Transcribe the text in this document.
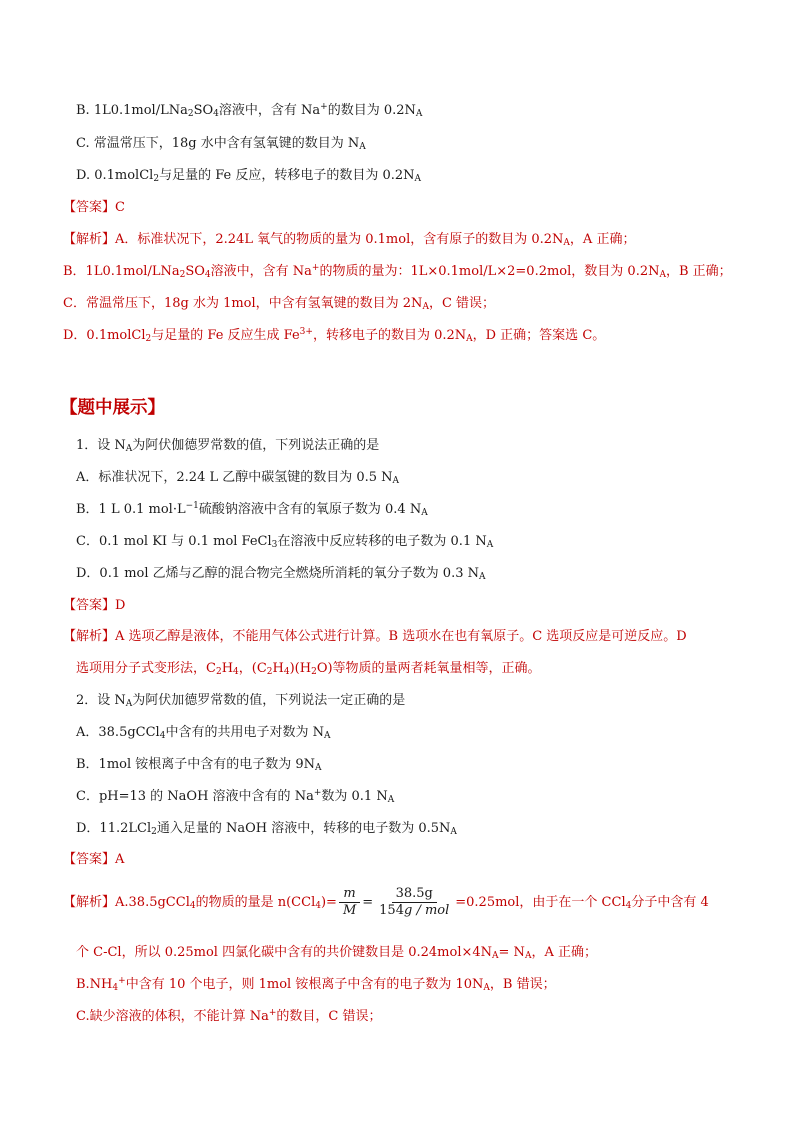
B. $1L0.1mol/LNa_2SO_4$溶液中，含有 Na+的数目为 $0.2N_A$
C. 常温常压下，18g 水中含有氢氧键的数目为 $N_A$
D. 0.1molCl$_2$与足量的 Fe 反应，转移电子的数目为 $0.2N_A$
【答案】C
【解析】A．标准状况下，2.24L 氧气的物质的量为 0.1mol，含有原子的数目为 $0.2N_A$，A 正确；
B．$1L0.1mol/LNa_2SO_4$溶液中，含有 Na+的物质的量为：1L×0.1mol/L×2=0.2mol，数目为 $0.2N_A$，B 正确；
C．常温常压下，18g 水为 1mol，中含有氢氧键的数目为 $2N_A$，C 错误；
D．0.1molCl$_2$与足量的 Fe 反应生成 $Fe^{3+}$，转移电子的数目为 $0.2N_A$，D 正确；答案选 C。
【题中展示】
1．设 $N_A$为阿伏伽德罗常数的值，下列说法正确的是
A．标准状况下，2.24 L 乙醇中碳氢键的数目为 0.5 $N_A$
B．1 L 0.1 $mol\cdot L^{-1}$硫酸钠溶液中含有的氧原子数为 0.4 $N_A$
C．0.1 mol KI 与 0.1 mol FeCl$_3$在溶液中反应转移的电子数为 0.1 $N_A$
D．0.1 mol 乙烯与乙醇的混合物完全燃烧所消耗的氧分子数为 0.3 $N_A$
【答案】D
【解析】A 选项乙醇是液体，不能用气体公式进行计算。B 选项水在也有氧原子。C 选项反应是可逆反应。D
选项用分子式变形法，$C_2H_4$，$(C_2H_4)(H_2O)$等物质的量两者耗氧量相等，正确。
2．设 $N_A$为阿伏加德罗常数的值，下列说法一定正确的是
A．38.5gCCl$_4$中含有的共用电子对数为 $N_A$
B．1mol 铵根离子中含有的电子数为 $9N_A$
C．pH=13 的 NaOH 溶液中含有的 Na+数为 0.1 $N_A$
D．11.2LCl$_2$通入足量的 NaOH 溶液中，转移的电子数为 $0.5N_A$
【答案】A
【解析】A.38.5gCCl$_4$的物质的量是 $n(CCl_4)= \frac{m}{M} = \frac{38.5g}{\text{154g / mol}} =0.25mol$，由于在一个 CCl$_4$分子中含有 4
个 C-Cl，所以 0.25mol 四氯化碳中含有的共价键数目是 $0.24mol\times 4N_A= N_A$，A 正确；
$B.NH_4^+$中含有 10 个电子，则 1mol 铵根离子中含有的电子数为 $10N_A$，B 错误；
C.缺少溶液的体积，不能计算 Na+的数目，C 错误；
